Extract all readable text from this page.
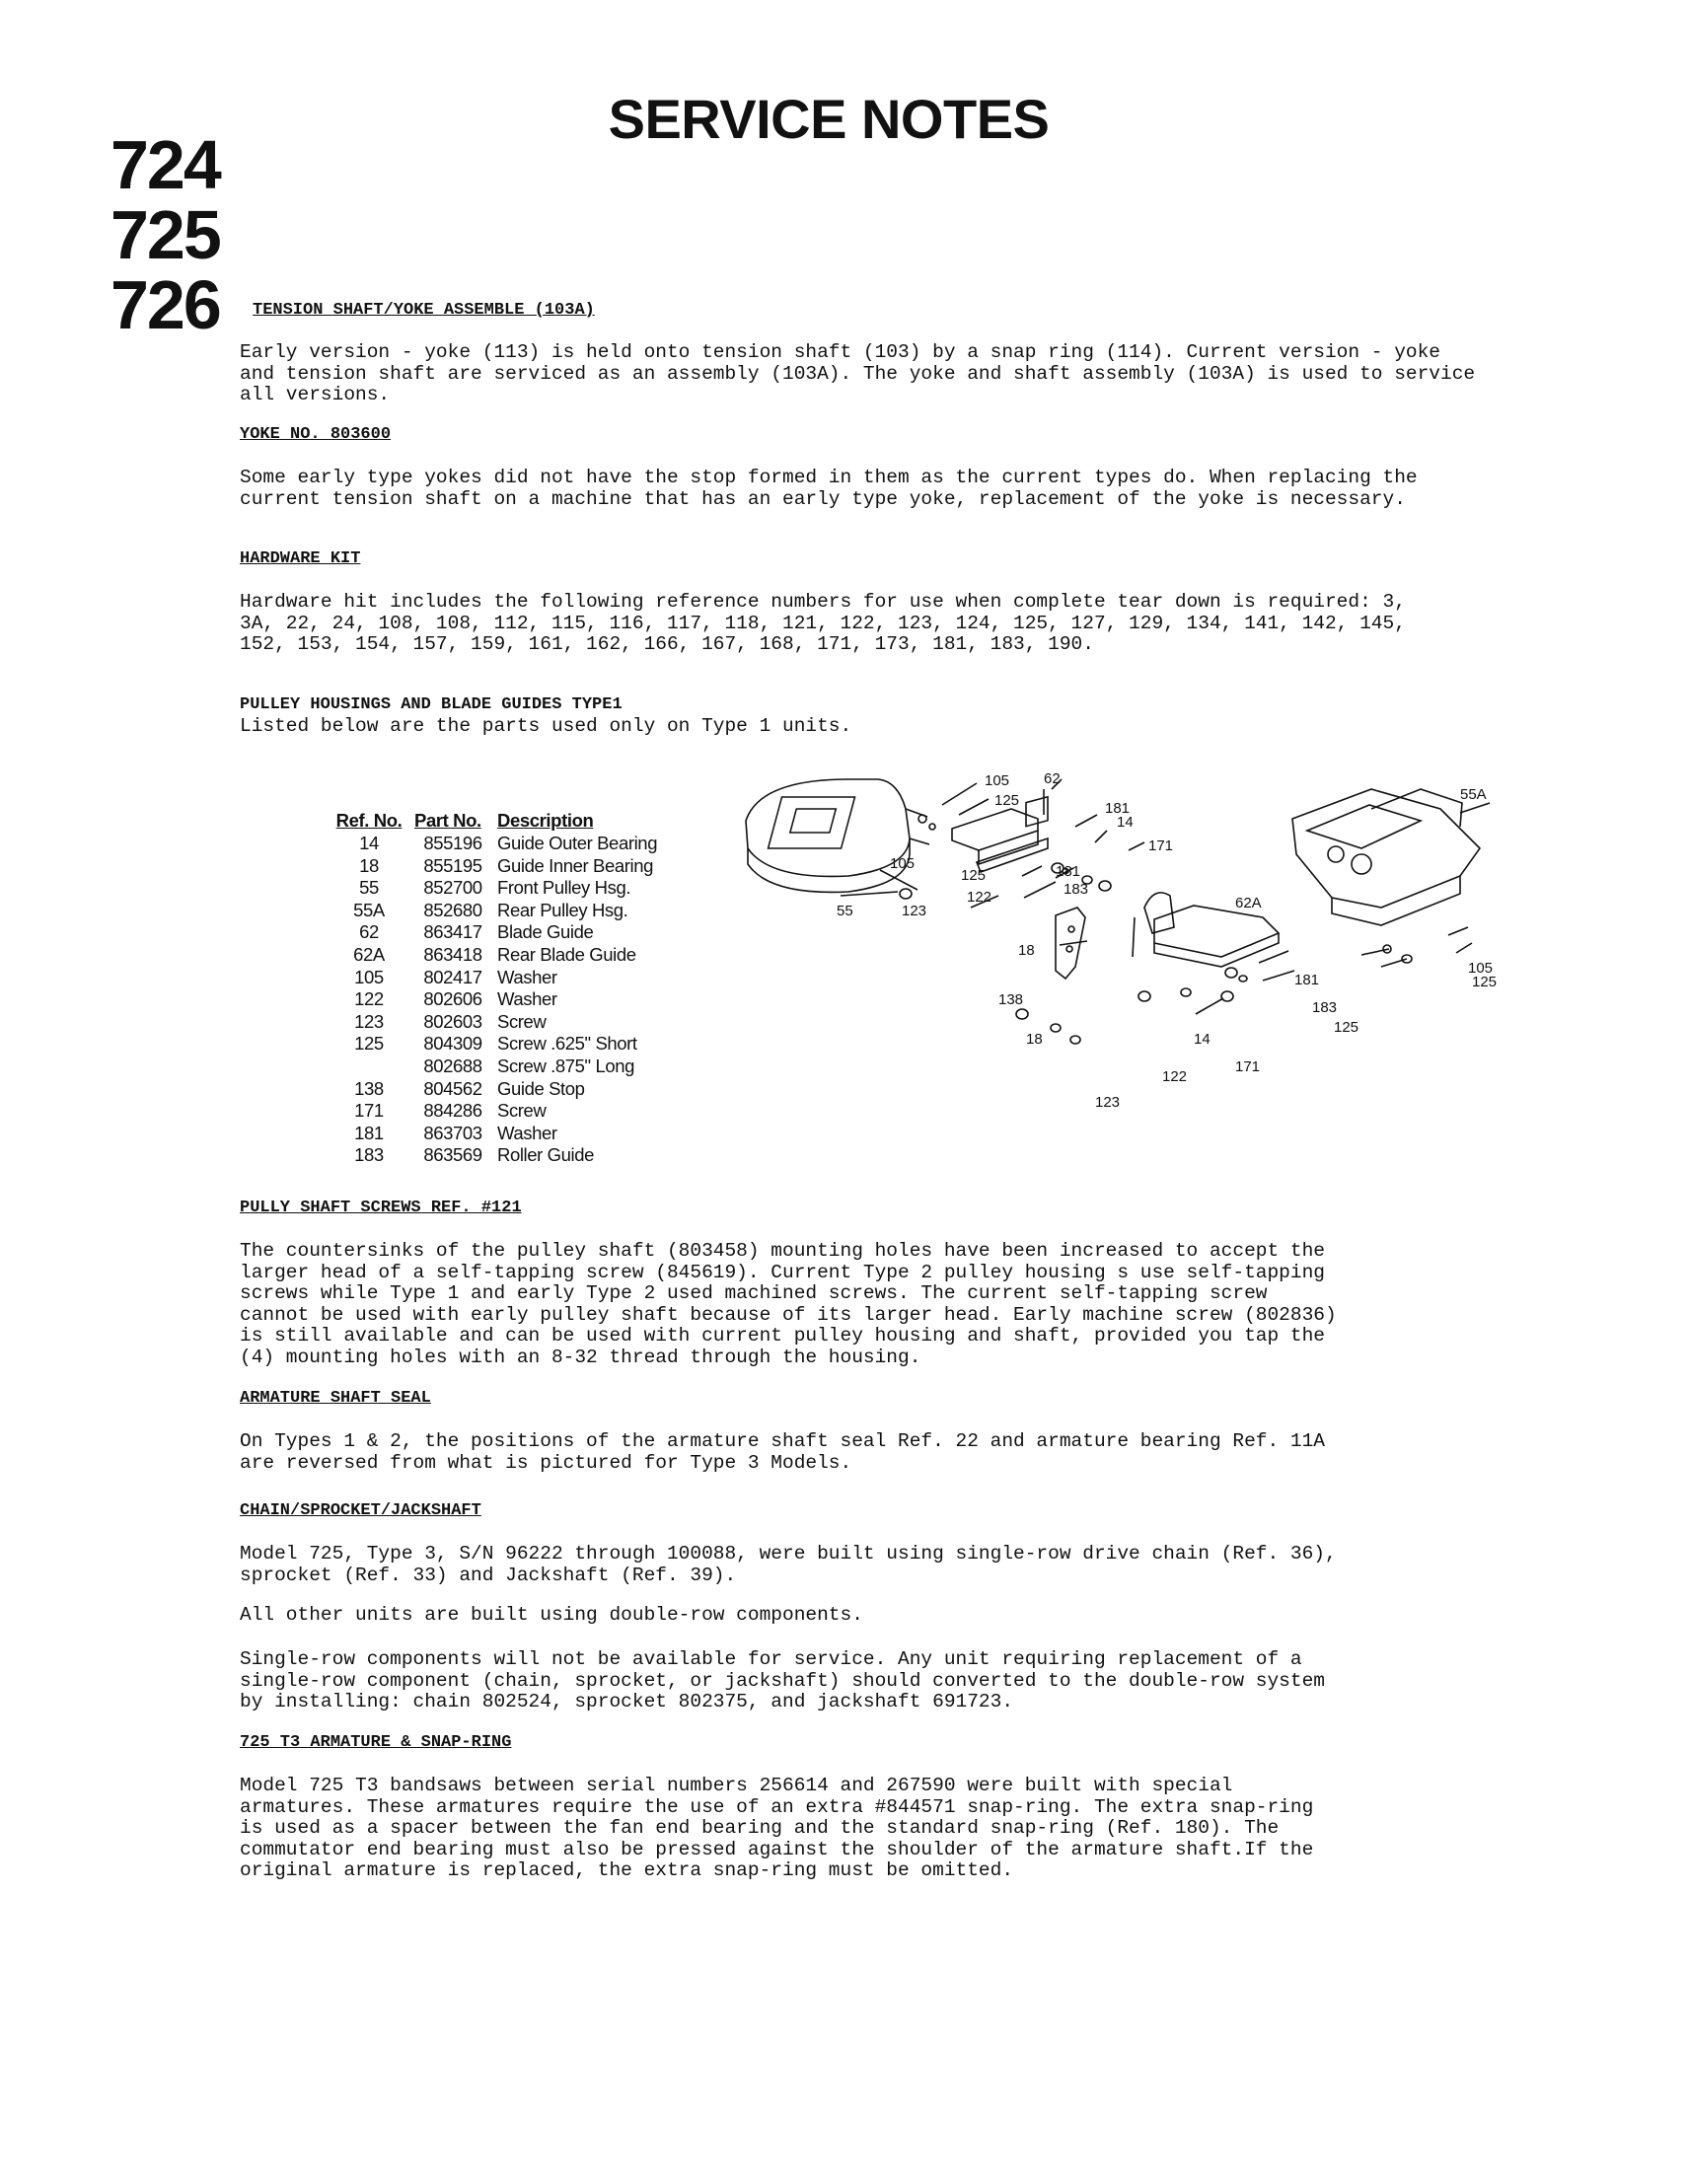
SERVICE NOTES
724
725
726 TENSION SHAFT/YOKE ASSEMBLE (103A)
Early version - yoke (113) is held onto tension shaft (103) by a snap ring (114). Current version - yoke
and tension shaft are serviced as an assembly (103A). The yoke and shaft assembly (103A) is used to service
all versions.
YOKE NO. 803600
Some early type yokes did not have the stop formed in them as the current types do. When replacing the
current tension shaft on a machine that has an early type yoke, replacement of the yoke is necessary.
HARDWARE KIT
Hardware hit includes the following reference numbers for use when complete tear down is required: 3,
3A, 22, 24, 108, 108, 112, 115, 116, 117, 118, 121, 122, 123, 124, 125, 127, 129, 134, 141, 142, 145,
152, 153, 154, 157, 159, 161, 162, 166, 167, 168, 171, 173, 181, 183, 190.
PULLEY HOUSINGS AND BLADE GUIDES TYPE1
Listed below are the parts used only on Type 1 units.
Ref. No.	Part No.	Description
14	855196	Guide Outer Bearing
18	855195	Guide Inner Bearing
55	852700	Front Pulley Hsg.
55A	852680	Rear Pulley Hsg.
62	863417	Blade Guide
62A	863418	Rear Blade Guide
105	802417	Washer
122	802606	Washer
123	802603	Screw
125	804309	Screw .625" Short
	802688	Screw .875" Long
138	804562	Guide Stop
171	884286	Screw
181	863703	Washer
183	863569	Roller Guide
105 62
125	181
14
171
55A
105
125	181
183
122
55	123	62A
18
138
181
105
125
183
125
18	14
122
171
123
PULLY SHAFT SCREWS REF. #121
The countersinks of the pulley shaft (803458) mounting holes have been increased to accept the
larger head of a self-tapping screw (845619). Current Type 2 pulley housing s use self-tapping
screws while Type 1 and early Type 2 used machined screws. The current self-tapping screw
cannot be used with early pulley shaft because of its larger head. Early machine screw (802836)
is still available and can be used with current pulley housing and shaft, provided you tap the
(4) mounting holes with an 8-32 thread through the housing.
ARMATURE SHAFT SEAL
On Types 1 & 2, the positions of the armature shaft seal Ref. 22 and armature bearing Ref. 11A
are reversed from what is pictured for Type 3 Models.
CHAIN/SPROCKET/JACKSHAFT
Model 725, Type 3, S/N 96222 through 100088, were built using single-row drive chain (Ref. 36),
sprocket (Ref. 33) and Jackshaft (Ref. 39).
All other units are built using double-row components.
Single-row components will not be available for service. Any unit requiring replacement of a
single-row component (chain, sprocket, or jackshaft) should converted to the double-row system
by installing: chain 802524, sprocket 802375, and jackshaft 691723.
725 T3 ARMATURE & SNAP-RING
Model 725 T3 bandsaws between serial numbers 256614 and 267590 were built with special
armatures. These armatures require the use of an extra #844571 snap-ring. The extra snap-ring
is used as a spacer between the fan end bearing and the standard snap-ring (Ref. 180). The
commutator end bearing must also be pressed against the shoulder of the armature shaft.If the
original armature is replaced, the extra snap-ring must be omitted.
